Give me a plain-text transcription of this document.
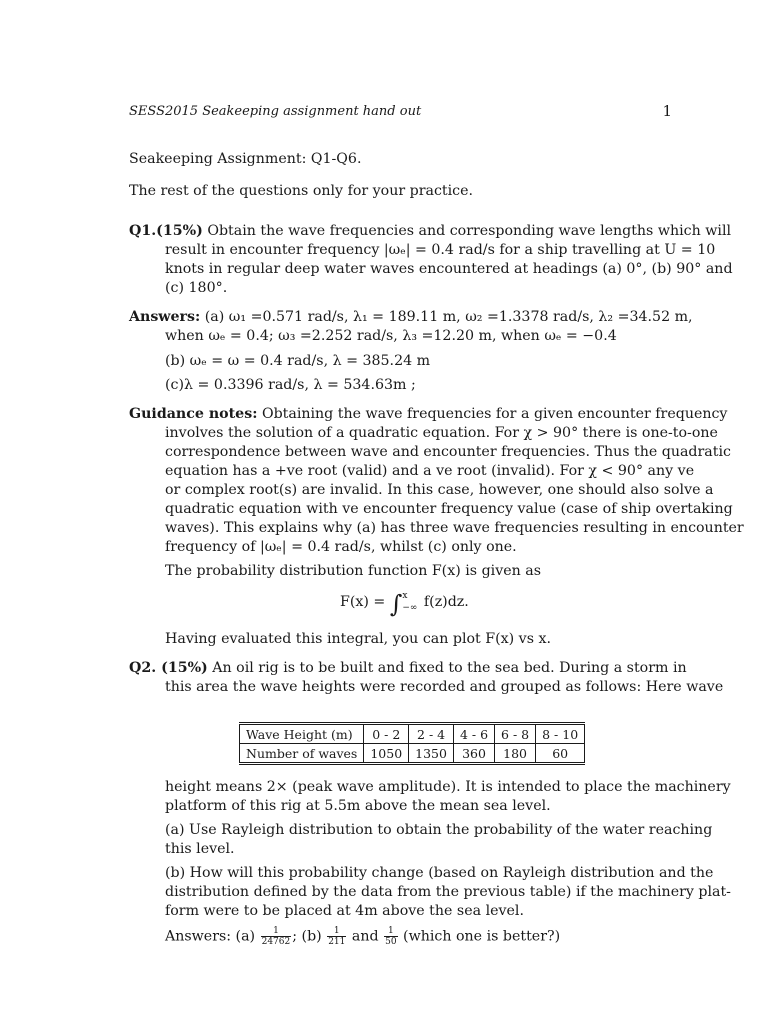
SESS2015 Seakeeping assignment hand out	1
Seakeeping Assignment: Q1-Q6.
The rest of the questions only for your practice.
Q1.(15%) Obtain the wave frequencies and corresponding wave lengths which will
result in encounter frequency |ωₑ| = 0.4 rad/s for a ship travelling at U = 10
knots in regular deep water waves encountered at headings (a) 0°, (b) 90° and
(c) 180°.
Answers: (a) ω₁ =0.571 rad/s, λ₁ = 189.11 m, ω₂ =1.3378 rad/s, λ₂ =34.52 m,
when ωₑ = 0.4; ω₃ =2.252 rad/s, λ₃ =12.20 m, when ωₑ = −0.4
(b) ωₑ = ω = 0.4 rad/s, λ = 385.24 m
(c)λ = 0.3396 rad/s, λ = 534.63m ;
Guidance notes: Obtaining the wave frequencies for a given encounter frequency
involves the solution of a quadratic equation. For χ > 90° there is one-to-one
correspondence between wave and encounter frequencies. Thus the quadratic
equation has a +ve root (valid) and a ve root (invalid). For χ < 90° any ve
or complex root(s) are invalid. In this case, however, one should also solve a
quadratic equation with ve encounter frequency value (case of ship overtaking
waves). This explains why (a) has three wave frequencies resulting in encounter
frequency of |ωₑ| = 0.4 rad/s, whilst (c) only one.
The probability distribution function F(x) is given as
F(x) = ∫ x
−∞ f(z)dz.
Having evaluated this integral, you can plot F(x) vs x.
Q2. (15%) An oil rig is to be built and fixed to the sea bed. During a storm in
this area the wave heights were recorded and grouped as follows: Here wave
Wave Height (m)	0 - 2	2 - 4	4 - 6	6 - 8	8 - 10
Number of waves	1050	1350	360	180	60
height means 2× (peak wave amplitude). It is intended to place the machinery
platform of this rig at 5.5m above the mean sea level.
(a) Use Rayleigh distribution to obtain the probability of the water reaching
this level.
(b) How will this probability change (based on Rayleigh distribution and the
distribution defined by the data from the previous table) if the machinery plat-
form were to be placed at 4m above the sea level.
Answers: $(a) \frac{1}{24762}$ ; $(b) \frac{1}{211}$ and $\frac{1}{50}$ (which one is better?)
